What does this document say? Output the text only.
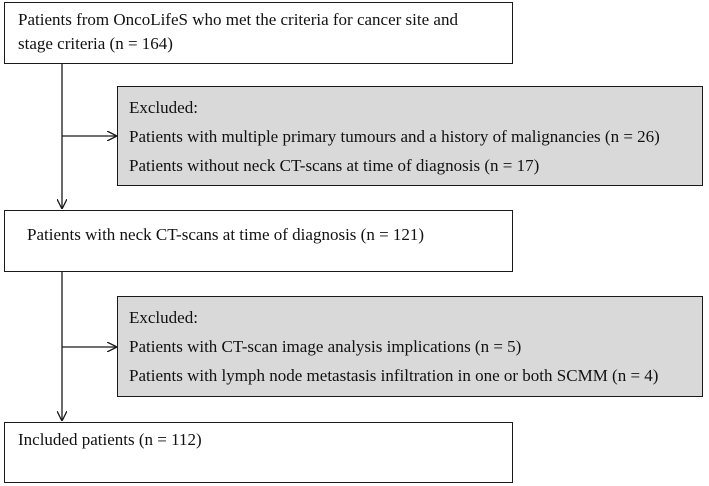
Patients from OncoLifeS who met the criteria for cancer site and
stage criteria (n = 164)
Excluded:
Patients with multiple primary tumours and a history of malignancies (n = 26)
Patients without neck CT-scans at time of diagnosis (n = 17)
Patients with neck CT-scans at time of diagnosis (n = 121)
Excluded:
Patients with CT-scan image analysis implications (n = 5)
Patients with lymph node metastasis infiltration in one or both SCMM (n = 4)
Included patients (n = 112)
